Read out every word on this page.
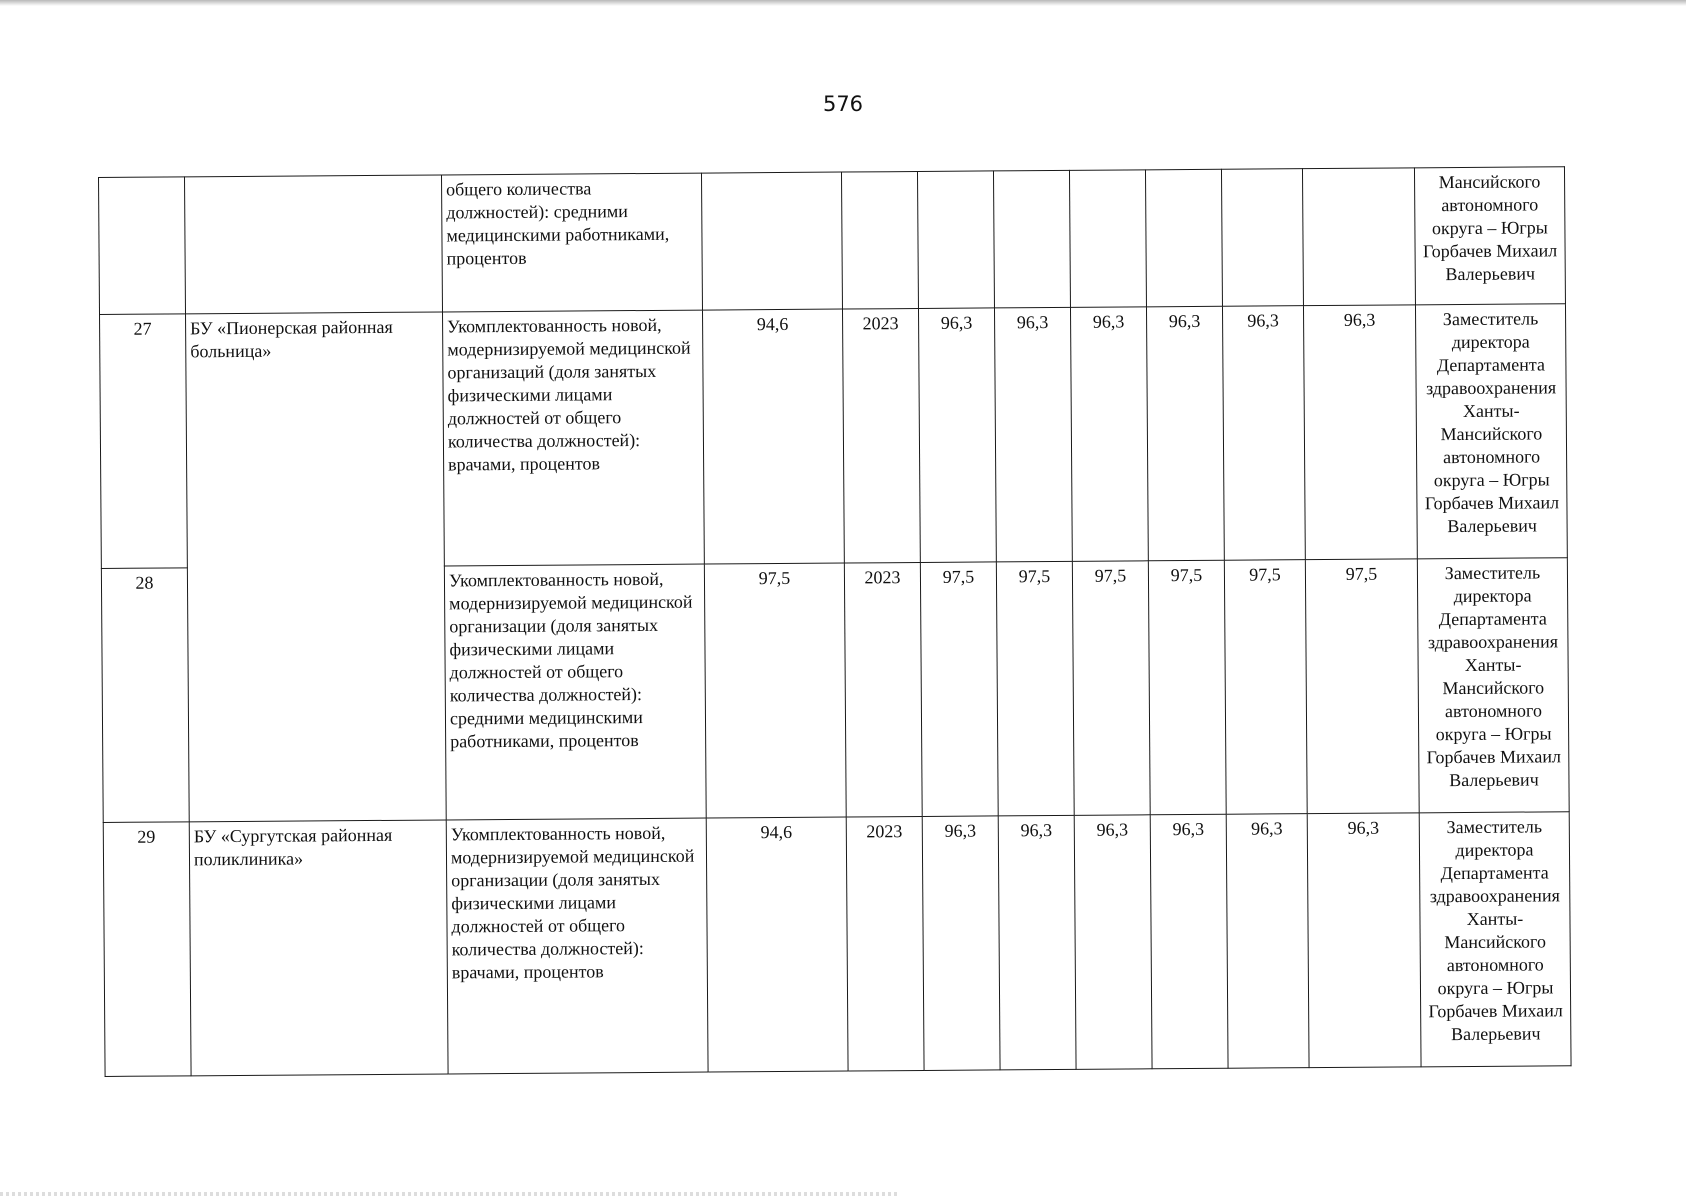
576
		общего количества должностей): средними медицинскими работниками, процентов									Мансийского автономного округа – Югры Горбачев Михаил Валерьевич
27	БУ «Пионерская районная больница»	Укомплектованность новой, модернизируемой медицинской организаций (доля занятых физическими лицами должностей от общего количества должностей): врачами, процентов	94,6	2023	96,3	96,3	96,3	96,3	96,3	96,3	Заместитель директора Департамента здравоохранения Ханты-Мансийского автономного округа – Югры Горбачев Михаил Валерьевич
28		Укомплектованность новой, модернизируемой медицинской организации (доля занятых физическими лицами должностей от общего количества должностей): средними медицинскими работниками, процентов	97,5	2023	97,5	97,5	97,5	97,5	97,5	97,5	Заместитель директора Департамента здравоохранения Ханты-Мансийского автономного округа – Югры Горбачев Михаил Валерьевич
29	БУ «Сургутская районная поликлиника»	Укомплектованность новой, модернизируемой медицинской организации (доля занятых физическими лицами должностей от общего количества должностей): врачами, процентов	94,6	2023	96,3	96,3	96,3	96,3	96,3	96,3	Заместитель директора Департамента здравоохранения Ханты-Мансийского автономного округа – Югры Горбачев Михаил Валерьевич
